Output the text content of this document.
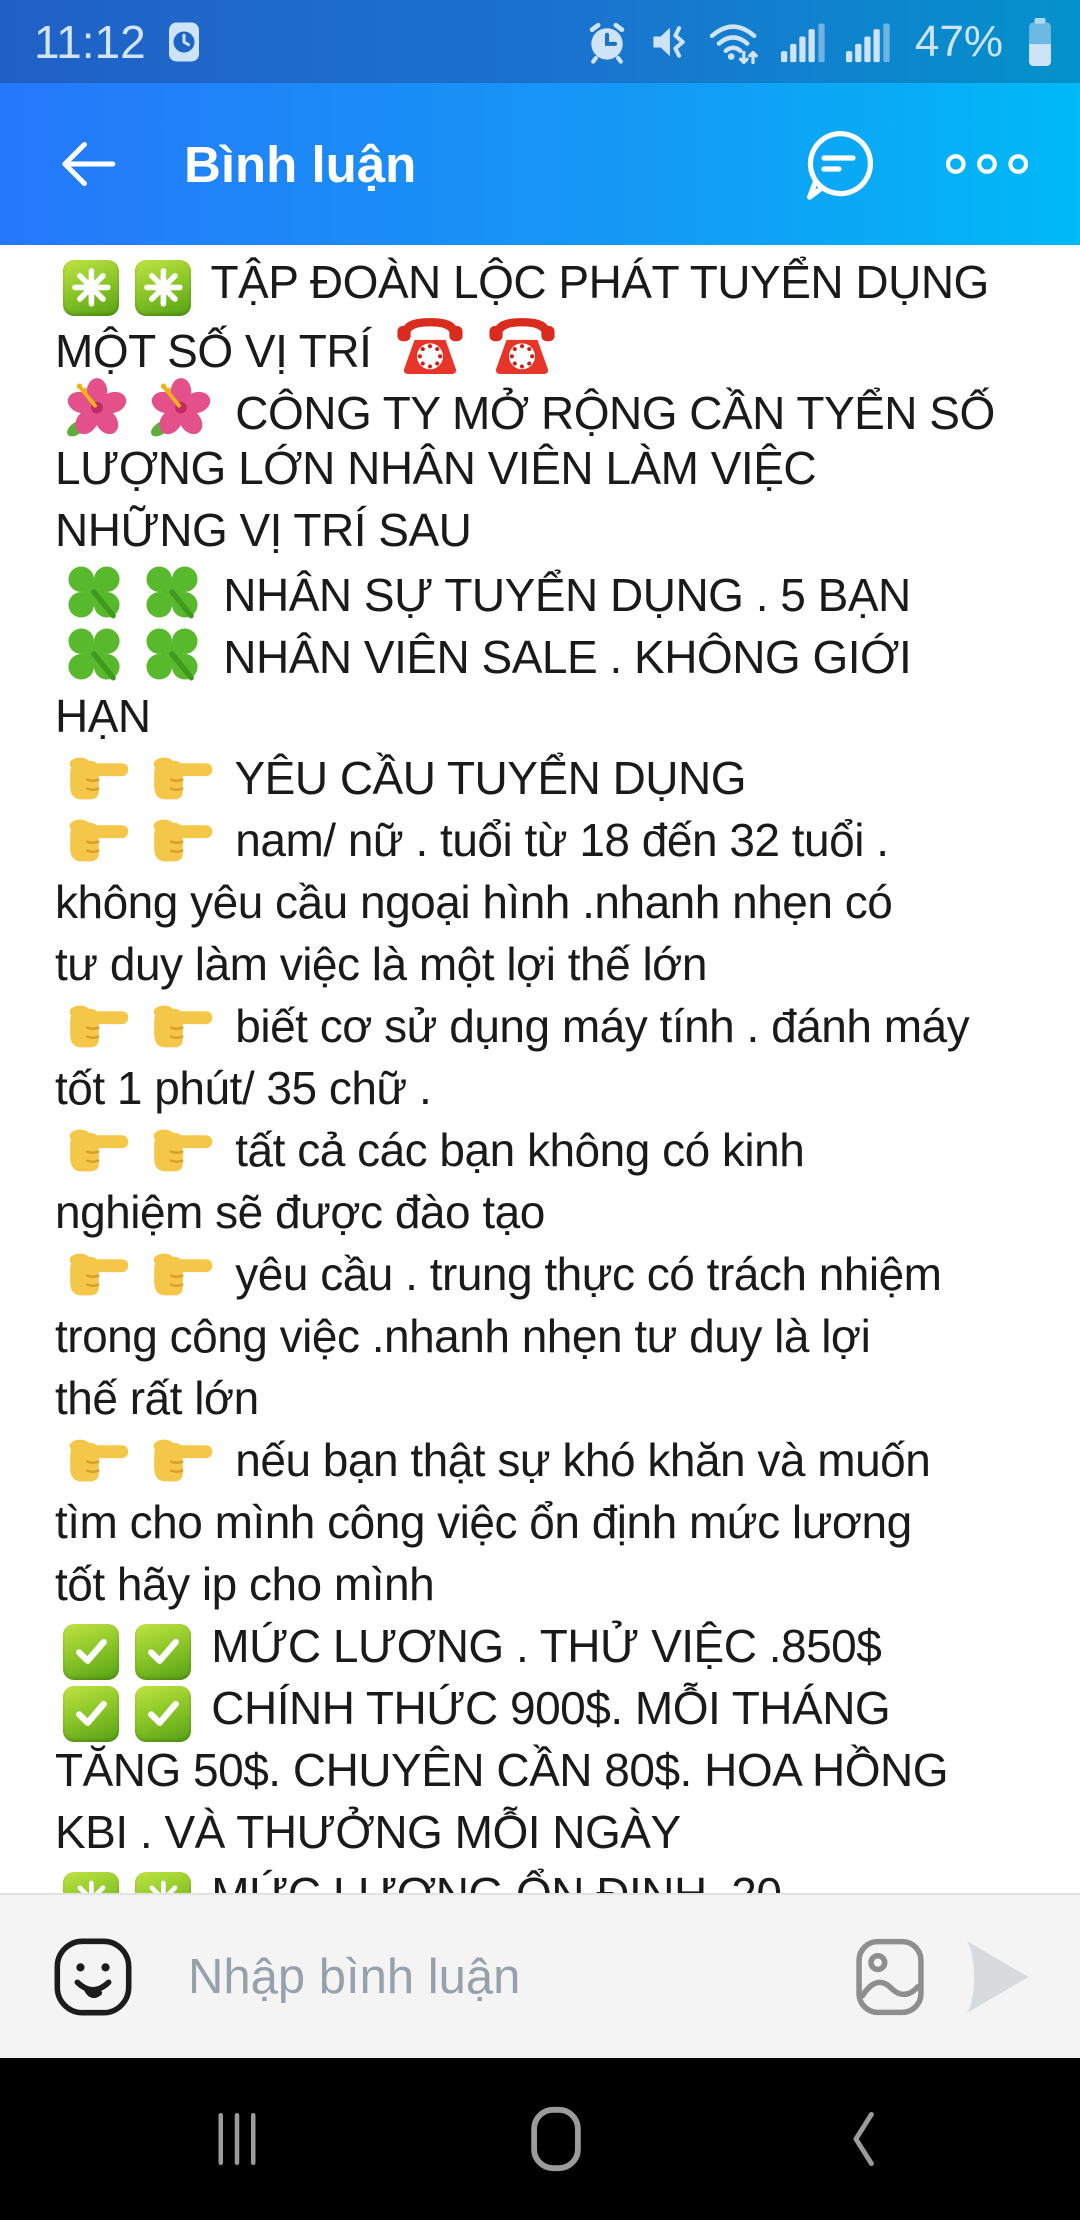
11:12	47%
Bình luận
TẬP ĐOÀN LỘC PHÁT TUYỂN DỤNG
MỘT SỐ VỊ TRÍ
CÔNG TY MỞ RỘNG CẦN TYỂN SỐ
LƯỢNG LỚN NHÂN VIÊN LÀM VIỆC
NHỮNG VỊ TRÍ SAU
NHÂN SỰ TUYỂN DỤNG . 5 BẠN
NHÂN VIÊN SALE . KHÔNG GIỚI
HẠN
YÊU CẦU TUYỂN DỤNG
nam/ nữ . tuổi từ 18 đến 32 tuổi .
không yêu cầu ngoại hình .nhanh nhẹn có
tư duy làm việc là một lợi thế lớn
biết cơ sử dụng máy tính . đánh máy
tốt 1 phút/ 35 chữ .
tất cả các bạn không có kinh
nghiệm sẽ được đào tạo
yêu cầu . trung thực có trách nhiệm
trong công việc .nhanh nhẹn tư duy là lợi
thế rất lớn
nếu bạn thật sự khó khăn và muốn
tìm cho mình công việc ổn định mức lương
tốt hãy ip cho mình
MỨC LƯƠNG . THỬ VIỆC .850$
CHÍNH THỨC 900$. MỖI THÁNG
TĂNG 50$. CHUYÊN CẦN 80$. HOA HỒNG
KBI . VÀ THƯỞNG MỖI NGÀY
Nhập bình luận
